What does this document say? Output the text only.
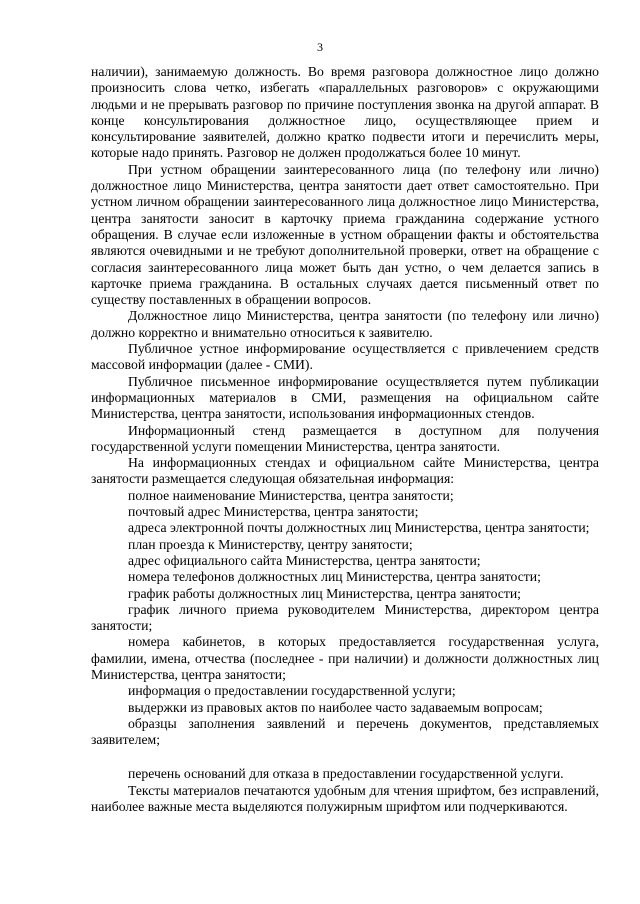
3

наличии), занимаемую должность. Во время разговора должностное лицо должно произносить слова четко, избегать «параллельных разговоров» с окружающими людьми и не прерывать разговор по причине поступления звонка на другой аппарат. В конце консультирования должностное лицо, осуществляющее прием и консультирование заявителей, должно кратко подвести итоги и перечислить меры, которые надо принять. Разговор не должен продолжаться более 10 минут.

При устном обращении заинтересованного лица (по телефону или лично) должностное лицо Министерства, центра занятости дает ответ самостоятельно. При устном личном обращении заинтересованного лица должностное лицо Министерства, центра занятости заносит в карточку приема гражданина содержание устного обращения. В случае если изложенные в устном обращении факты и обстоятельства являются очевидными и не требуют дополнительной проверки, ответ на обращение с согласия заинтересованного лица может быть дан устно, о чем делается запись в карточке приема гражданина. В остальных случаях дается письменный ответ по существу поставленных в обращении вопросов.

Должностное лицо Министерства, центра занятости (по телефону или лично) должно корректно и внимательно относиться к заявителю.

Публичное устное информирование осуществляется с привлечением средств массовой информации (далее - СМИ).

Публичное письменное информирование осуществляется путем публикации информационных материалов в СМИ, размещения на официальном сайте Министерства, центра занятости, использования информационных стендов.

Информационный стенд размещается в доступном для получения государственной услуги помещении Министерства, центра занятости.

На информационных стендах и официальном сайте Министерства, центра занятости размещается следующая обязательная информация:

полное наименование Министерства, центра занятости;

почтовый адрес Министерства, центра занятости;

адреса электронной почты должностных лиц Министерства, центра занятости;

план проезда к Министерству, центру занятости;

адрес официального сайта Министерства, центра занятости;

номера телефонов должностных лиц Министерства, центра занятости;

график работы должностных лиц Министерства, центра занятости;

график личного приема руководителем Министерства, директором центра занятости;

номера кабинетов, в которых предоставляется государственная услуга, фамилии, имена, отчества (последнее - при наличии) и должности должностных лиц Министерства, центра занятости;

информация о предоставлении государственной услуги;

выдержки из правовых актов по наиболее часто задаваемым вопросам;

образцы заполнения заявлений и перечень документов, представляемых заявителем;

перечень оснований для отказа в предоставлении государственной услуги.

Тексты материалов печатаются удобным для чтения шрифтом, без исправлений, наиболее важные места выделяются полужирным шрифтом или подчеркиваются.
